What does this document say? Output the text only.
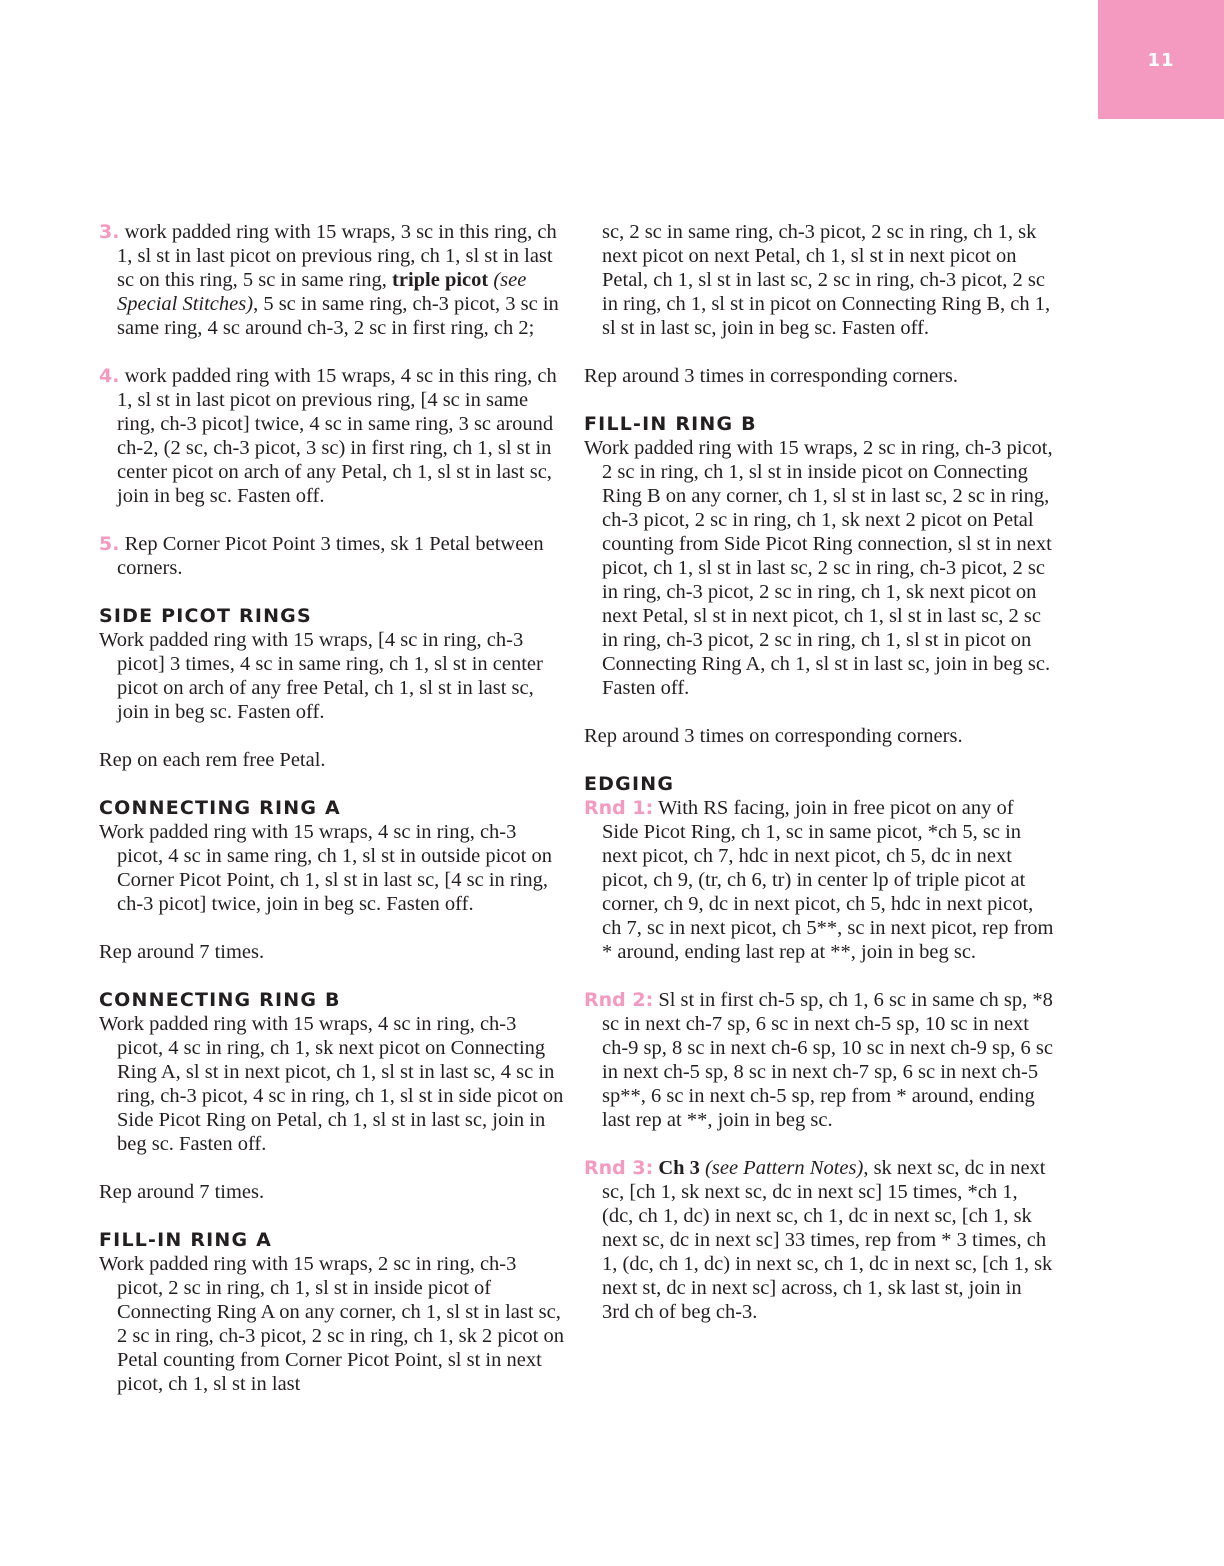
11

3. work padded ring with 15 wraps, 3 sc in this ring, ch 1, sl st in last picot on previous ring, ch 1, sl st in last sc on this ring, 5 sc in same ring, triple picot (see Special Stitches), 5 sc in same ring, ch-3 picot, 3 sc in same ring, 4 sc around ch-3, 2 sc in first ring, ch 2;

4. work padded ring with 15 wraps, 4 sc in this ring, ch 1, sl st in last picot on previous ring, [4 sc in same ring, ch-3 picot] twice, 4 sc in same ring, 3 sc around ch-2, (2 sc, ch-3 picot, 3 sc) in first ring, ch 1, sl st in center picot on arch of any Petal, ch 1, sl st in last sc, join in beg sc. Fasten off.

5. Rep Corner Picot Point 3 times, sk 1 Petal between corners.

SIDE PICOT RINGS

Work padded ring with 15 wraps, [4 sc in ring, ch-3 picot] 3 times, 4 sc in same ring, ch 1, sl st in center picot on arch of any free Petal, ch 1, sl st in last sc, join in beg sc. Fasten off.

Rep on each rem free Petal.

CONNECTING RING A

Work padded ring with 15 wraps, 4 sc in ring, ch-3 picot, 4 sc in same ring, ch 1, sl st in outside picot on Corner Picot Point, ch 1, sl st in last sc, [4 sc in ring, ch-3 picot] twice, join in beg sc. Fasten off.

Rep around 7 times.

CONNECTING RING B

Work padded ring with 15 wraps, 4 sc in ring, ch-3 picot, 4 sc in ring, ch 1, sk next picot on Connecting Ring A, sl st in next picot, ch 1, sl st in last sc, 4 sc in ring, ch-3 picot, 4 sc in ring, ch 1, sl st in side picot on Side Picot Ring on Petal, ch 1, sl st in last sc, join in beg sc. Fasten off.

Rep around 7 times.

FILL-IN RING A

Work padded ring with 15 wraps, 2 sc in ring, ch-3 picot, 2 sc in ring, ch 1, sl st in inside picot of Connecting Ring A on any corner, ch 1, sl st in last sc, 2 sc in ring, ch-3 picot, 2 sc in ring, ch 1, sk 2 picot on Petal counting from Corner Picot Point, sl st in next picot, ch 1, sl st in last

sc, 2 sc in same ring, ch-3 picot, 2 sc in ring, ch 1, sk next picot on next Petal, ch 1, sl st in next picot on Petal, ch 1, sl st in last sc, 2 sc in ring, ch-3 picot, 2 sc in ring, ch 1, sl st in picot on Connecting Ring B, ch 1, sl st in last sc, join in beg sc. Fasten off.

Rep around 3 times in corresponding corners.

FILL-IN RING B

Work padded ring with 15 wraps, 2 sc in ring, ch-3 picot, 2 sc in ring, ch 1, sl st in inside picot on Connecting Ring B on any corner, ch 1, sl st in last sc, 2 sc in ring, ch-3 picot, 2 sc in ring, ch 1, sk next 2 picot on Petal counting from Side Picot Ring connection, sl st in next picot, ch 1, sl st in last sc, 2 sc in ring, ch-3 picot, 2 sc in ring, ch-3 picot, 2 sc in ring, ch 1, sk next picot on next Petal, sl st in next picot, ch 1, sl st in last sc, 2 sc in ring, ch-3 picot, 2 sc in ring, ch 1, sl st in picot on Connecting Ring A, ch 1, sl st in last sc, join in beg sc. Fasten off.

Rep around 3 times on corresponding corners.

EDGING

Rnd 1: With RS facing, join in free picot on any of Side Picot Ring, ch 1, sc in same picot, *ch 5, sc in next picot, ch 7, hdc in next picot, ch 5, dc in next picot, ch 9, (tr, ch 6, tr) in center lp of triple picot at corner, ch 9, dc in next picot, ch 5, hdc in next picot, ch 7, sc in next picot, ch 5**, sc in next picot, rep from * around, ending last rep at **, join in beg sc.

Rnd 2: Sl st in first ch-5 sp, ch 1, 6 sc in same ch sp, *8 sc in next ch-7 sp, 6 sc in next ch-5 sp, 10 sc in next ch-9 sp, 8 sc in next ch-6 sp, 10 sc in next ch-9 sp, 6 sc in next ch-5 sp, 8 sc in next ch-7 sp, 6 sc in next ch-5 sp**, 6 sc in next ch-5 sp, rep from * around, ending last rep at **, join in beg sc.

Rnd 3: Ch 3 (see Pattern Notes), sk next sc, dc in next sc, [ch 1, sk next sc, dc in next sc] 15 times, *ch 1, (dc, ch 1, dc) in next sc, ch 1, dc in next sc, [ch 1, sk next sc, dc in next sc] 33 times, rep from * 3 times, ch 1, (dc, ch 1, dc) in next sc, ch 1, dc in next sc, [ch 1, sk next st, dc in next sc] across, ch 1, sk last st, join in 3rd ch of beg ch-3.
